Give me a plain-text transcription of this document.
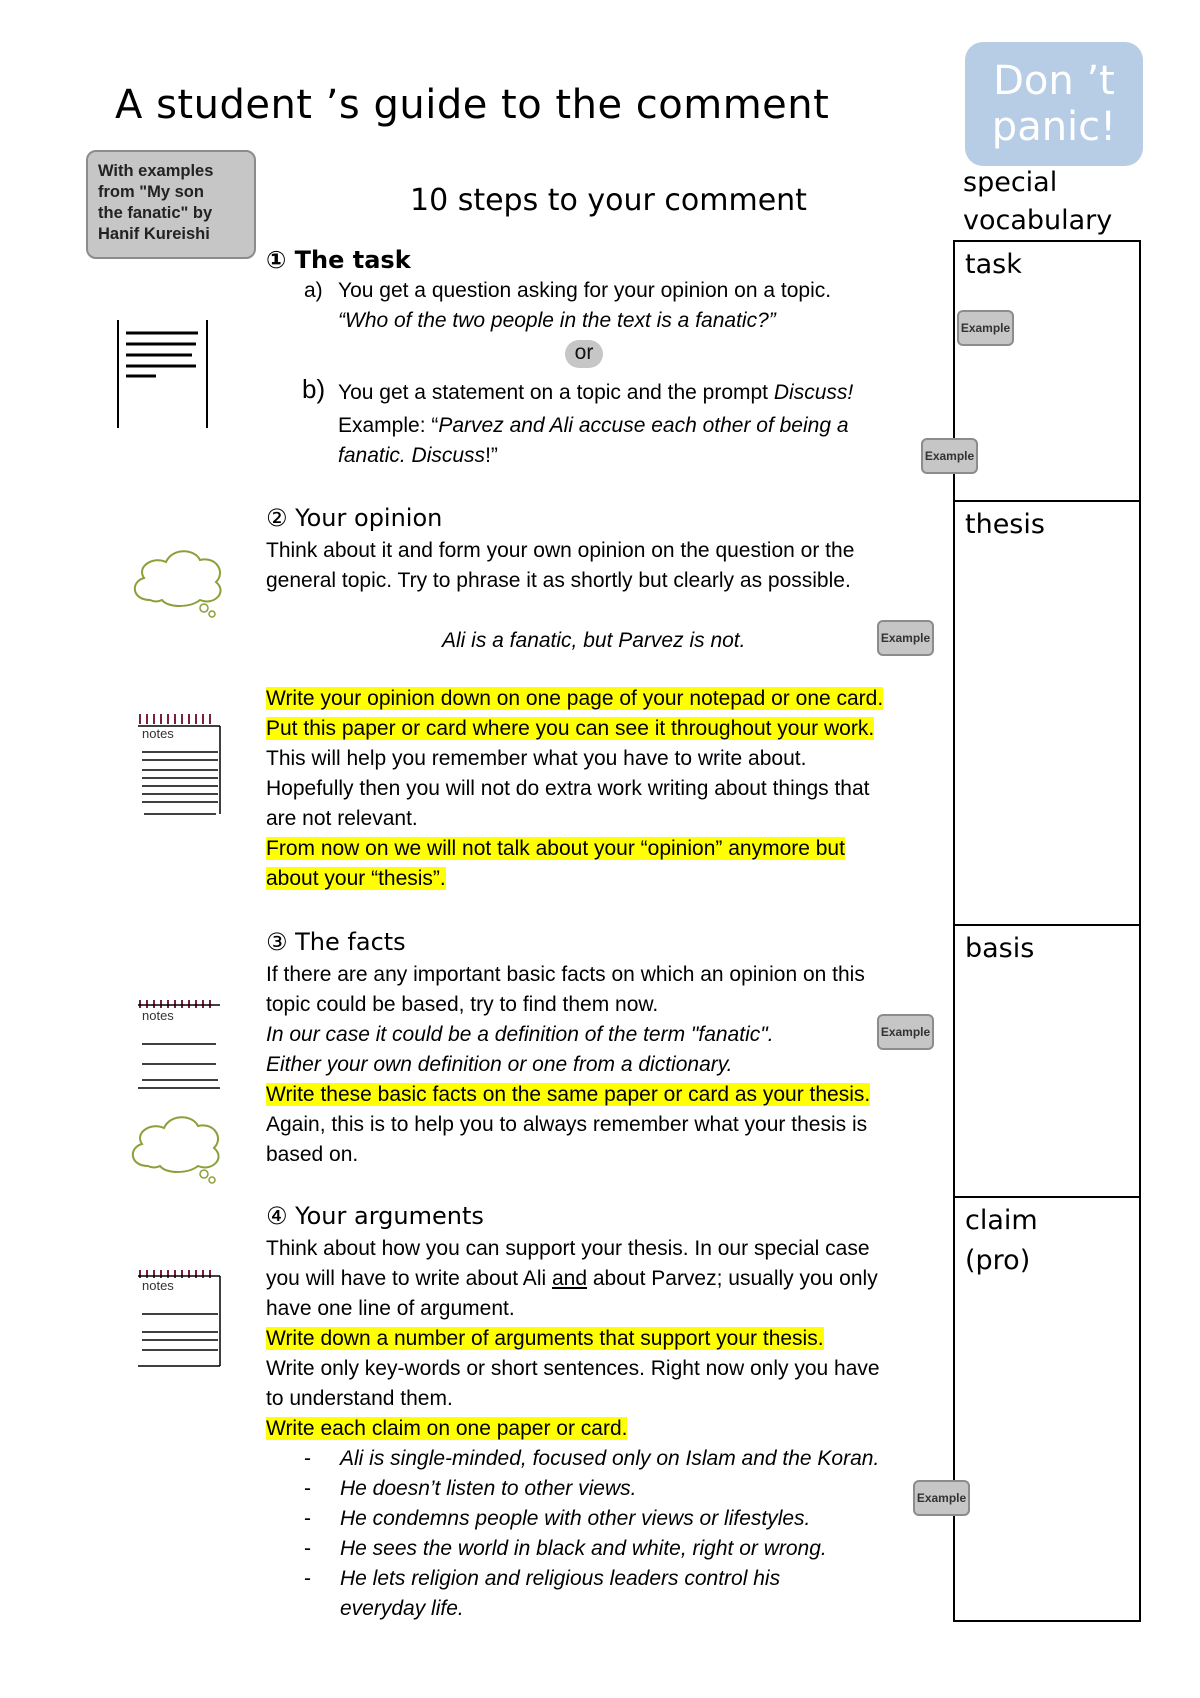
A student ’s guide to the comment
Don ’t
panic!
special
vocabulary
task
thesis
basis
claim
(pro)
Example
Example
Example
Example
Example
With examples
from "My son
the fanatic" by
Hanif Kureishi
notes
notes
notes
10 steps to your comment
① The task
a) You get a question asking for your opinion on a topic.
“Who of the two people in the text is a fanatic?”
or
b) You get a statement on a topic and the prompt Discuss!
Example: “Parvez and Ali accuse each other of being a
fanatic. Discuss!”
② Your opinion
Think about it and form your own opinion on the question or the
general topic. Try to phrase it as shortly but clearly as possible.
Ali is a fanatic, but Parvez is not.
Write your opinion down on one page of your notepad or one card.
Put this paper or card where you can see it throughout your work.
This will help you remember what you have to write about.
Hopefully then you will not do extra work writing about things that
are not relevant.
From now on we will not talk about your “opinion” anymore but
about your “thesis”.
③ The facts
If there are any important basic facts on which an opinion on this
topic could be based, try to find them now.
In our case it could be a definition of the term "fanatic".
Either your own definition or one from a dictionary.
Write these basic facts on the same paper or card as your thesis.
Again, this is to help you to always remember what your thesis is
based on.
④ Your arguments
Think about how you can support your thesis. In our special case
you will have to write about Ali and about Parvez; usually you only
have one line of argument.
Write down a number of arguments that support your thesis.
Write only key-words or short sentences. Right now only you have
to understand them.
Write each claim on one paper or card.
- Ali is single-minded, focused only on Islam and the Koran.
- He doesn’t listen to other views.
- He condemns people with other views or lifestyles.
- He sees the world in black and white, right or wrong.
- He lets religion and religious leaders control his
everyday life.
